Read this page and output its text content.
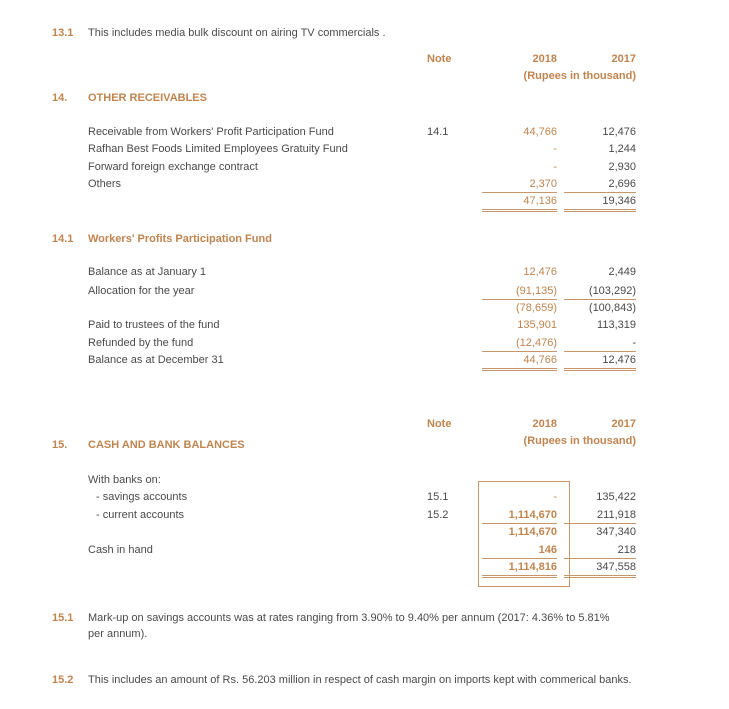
13.1 This includes media bulk discount on airing TV commercials .
Note	2018	2017
(Rupees in thousand)
14. OTHER RECEIVABLES
Receivable from Workers' Profit Participation Fund	14.1	44,766	12,476
Rafhan Best Foods Limited Employees Gratuity Fund	-	1,244
Forward foreign exchange contract	-	2,930
Others	2,370	2,696
47,136	19,346
14.1 Workers' Profits Participation Fund
Balance as at January 1	12,476	2,449
Allocation for the year	(91,135)	(103,292)
(78,659)	(100,843)
Paid to trustees of the fund	135,901	113,319
Refunded by the fund	(12,476)	-
Balance as at December 31	44,766	12,476
Note	2018	2017
(Rupees in thousand)
15. CASH AND BANK BALANCES
With banks on:
- savings accounts	15.1	-	135,422
- current accounts	15.2	1,114,670	211,918
1,114,670	347,340
Cash in hand	146	218
1,114,816	347,558
15.1 Mark-up on savings accounts was at rates ranging from 3.90% to 9.40% per annum (2017: 4.36% to 5.81%
per annum).
15.2 This includes an amount of Rs. 56.203 million in respect of cash margin on imports kept with commerical banks.
